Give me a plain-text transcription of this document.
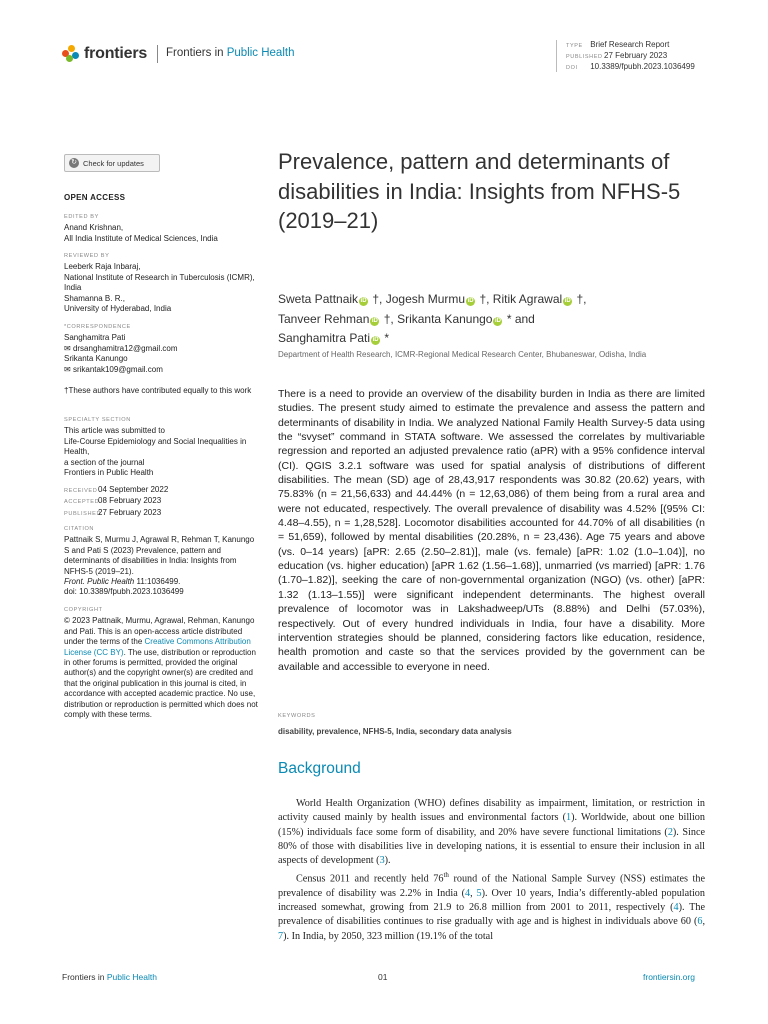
frontiers Frontiers in Public Health
TYPE Brief Research Report
PUBLISHED27 February 2023
DOI 10.3389/fpubh.2023.1036499
↻ Check for updates
OPEN ACCESS
EDITED BY
Anand Krishnan,
All India Institute of Medical Sciences, India
REVIEWED BY
Leeberk Raja Inbaraj,
National Institute of Research in Tuberculosis (ICMR), India
Shamanna B. R.,
University of Hyderabad, India
*CORRESPONDENCE
Sanghamitra Pati
✉ drsanghamitra12@gmail.com
Srikanta Kanungo
✉ srikantak109@gmail.com
†These authors have contributed equally to this work
SPECIALTY SECTION
This article was submitted to
Life-Course Epidemiology and Social Inequalities in Health,
a section of the journal
Frontiers in Public Health
RECEIVED04 September 2022
ACCEPTED08 February 2023
PUBLISHED27 February 2023
CITATION
Pattnaik S, Murmu J, Agrawal R, Rehman T, Kanungo S and Pati S (2023) Prevalence, pattern and determinants of disabilities in India: Insights from NFHS-5 (2019–21).
Front. Public Health 11:1036499.
doi: 10.3389/fpubh.2023.1036499
COPYRIGHT
© 2023 Pattnaik, Murmu, Agrawal, Rehman, Kanungo and Pati. This is an open-access article distributed under the terms of the Creative Commons Attribution License (CC BY). The use, distribution or reproduction in other forums is permitted, provided the original author(s) and the copyright owner(s) are credited and that the original publication in this journal is cited, in accordance with accepted academic practice. No use, distribution or reproduction is permitted which does not comply with these terms.
Prevalence, pattern and determinants of disabilities in India: Insights from NFHS-5 (2019–21)
Sweta Pattnaik iD †, Jogesh Murmu iD †, Ritik Agrawal iD †,
Tanveer Rehman iD †, Srikanta Kanungo iD * and
Sanghamitra Pati iD *
Department of Health Research, ICMR-Regional Medical Research Center, Bhubaneswar, Odisha, India

There is a need to provide an overview of the disability burden in India as there are limited studies. The present study aimed to estimate the prevalence and assess the pattern and determinants of disability in India. We analyzed National Family Health Survey-5 data using the “svyset” command in STATA software. We assessed the correlates by multivariable regression and reported an adjusted prevalence ratio (aPR) with a 95% confidence interval (CI). QGIS 3.2.1 software was used for spatial analysis of distributions of different disabilities. The mean (SD) age of 28,43,917 respondents was 30.82 (20.62) years, with 75.83% (n = 21,56,633) and 44.44% (n = 12,63,086) of them being from a rural area and were not educated, respectively. The overall prevalence of disability was 4.52% [(95% CI: 4.48–4.55), n = 1,28,528]. Locomotor disabilities accounted for 44.70% of all disabilities (n = 51,659), followed by mental disabilities (20.28%, n = 23,436). Age 75 years and above (vs. 0–14 years) [aPR: 2.65 (2.50–2.81)], male (vs. female) [aPR: 1.02 (1.0–1.04)], no education (vs. higher education) [aPR 1.62 (1.56–1.68)], unmarried (vs married) [aPR: 1.76 (1.70–1.82)], seeking the care of non-governmental organization (NGO) (vs. other) [aPR: 1.32 (1.13–1.55)] were significant independent determinants. The highest overall prevalence of locomotor was in Lakshadweep/UTs (8.88%) and Delhi (57.03%), respectively. Out of every hundred individuals in India, four have a disability. More intervention strategies should be planned, considering factors like education, residence, health promotion and caste so that the services provided by the government can be available and accessible to everyone in need.

KEYWORDS
disability, prevalence, NFHS-5, India, secondary data analysis
Background

World Health Organization (WHO) defines disability as impairment, limitation, or restriction in activity caused mainly by health issues and environmental factors (1). Worldwide, about one billion (15%) individuals face some form of disability, and 20% have severe functional limitations (2). Since 80% of those with disabilities live in developing nations, it is essential to ensure their inclusion in all aspects of development (3).

Census 2011 and recently held 76th round of the National Sample Survey (NSS) estimates the prevalence of disability was 2.2% in India (4, 5). Over 10 years, India’s differently-abled population increased somewhat, growing from 21.9 to 26.8 million from 2001 to 2011, respectively (4). The prevalence of disabilities continues to rise gradually with age and is highest in individuals above 60 (6, 7). In India, by 2050, 323 million (19.1% of the total

Frontiers in Public Health	01	frontiersin.org
